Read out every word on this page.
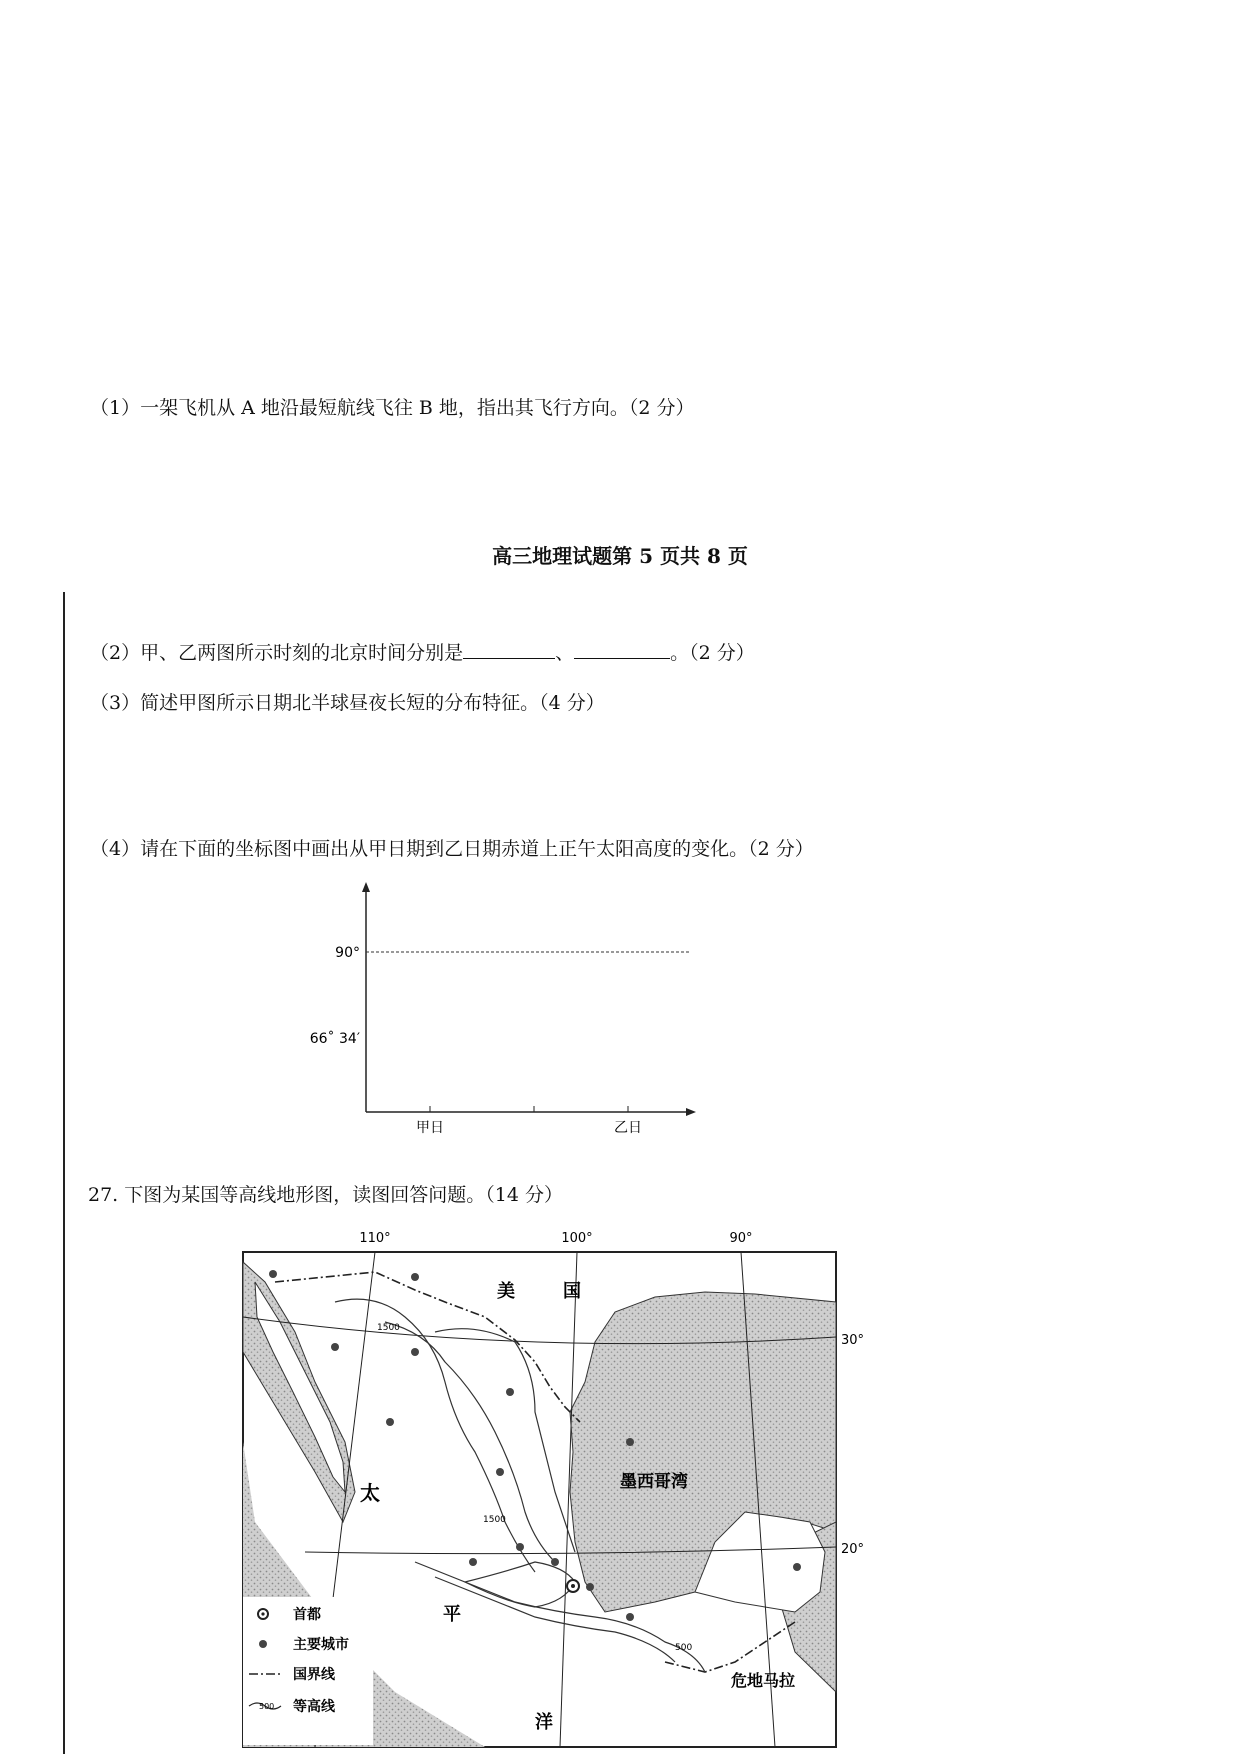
（1）一架飞机从 A 地沿最短航线飞往 B 地，指出其飞行方向。（2 分）
高三地理试题第 5 页共 8 页
（2）甲、乙两图所示时刻的北京时间分别是	、	。（2 分）
（3）简述甲图所示日期北半球昼夜长短的分布特征。（4 分）
（4）请在下面的坐标图中画出从甲日期到乙日期赤道上正午太阳高度的变化。（2 分）
90°
66˚ 34′
甲日	乙日
27. 下图为某国等高线地形图，读图回答问题。（14 分）
110°	100°	90°
30°
20°
1500
1500
500
美	国
墨西哥湾
太
平
洋
危地马拉
首都
主要城市
国界线
500 等高线
